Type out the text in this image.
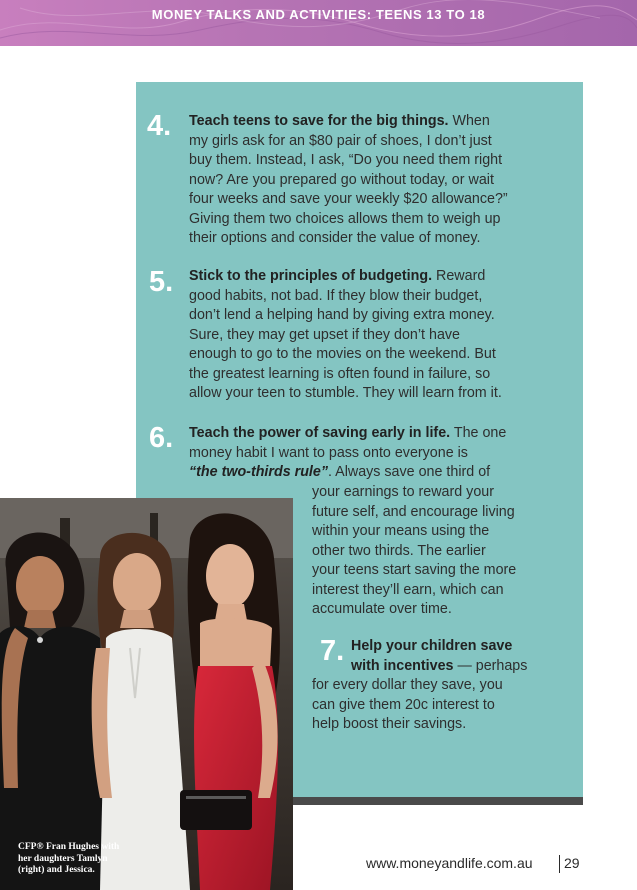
MONEY TALKS AND ACTIVITIES: TEENS 13 TO 18
4. Teach teens to save for the big things. When
my girls ask for an $80 pair of shoes, I don’t just
buy them. Instead, I ask, “Do you need them right
now? Are you prepared go without today, or wait
four weeks and save your weekly $20 allowance?”
Giving them two choices allows them to weigh up
their options and consider the value of money.
5. Stick to the principles of budgeting. Reward
good habits, not bad. If they blow their budget,
don’t lend a helping hand by giving extra money.
Sure, they may get upset if they don’t have
enough to go to the movies on the weekend. But
the greatest learning is often found in failure, so
allow your teen to stumble. They will learn from it.
6. Teach the power of saving early in life. The one
money habit I want to pass onto everyone is
“the two-thirds rule”. Always save one third of
your earnings to reward your
future self, and encourage living
within your means using the
other two thirds. The earlier
your teens start saving the more
interest they’ll earn, which can
accumulate over time.
7. Help your children save
with incentives — perhaps
for every dollar they save, you
can give them 20c interest to
help boost their savings.
CFP® Fran Hughes with
her daughters Tamlyn
(right) and Jessica.	www.moneyandlife.com.au 29
